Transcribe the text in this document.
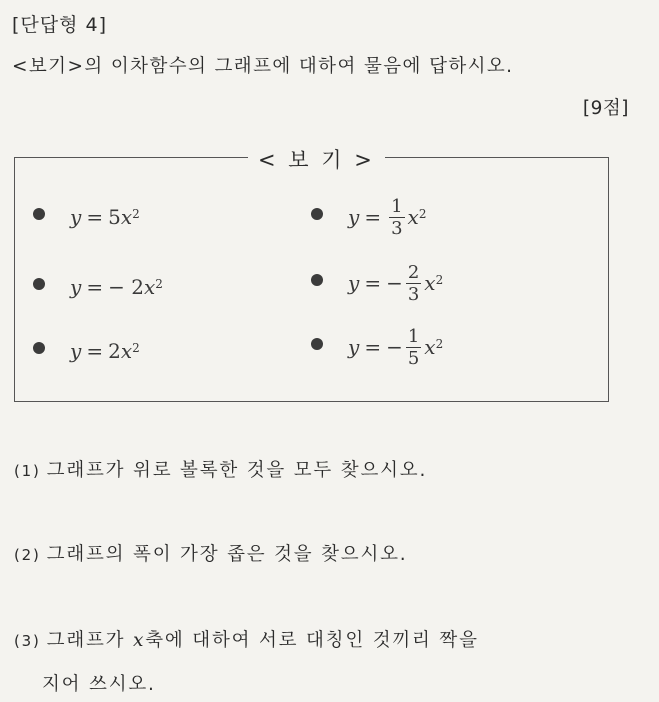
[단답형 4]
<보기>의 이차함수의 그래프에 대하여 물음에 답하시오.
[9점]
< 보 기 >
y = 5 $x^2$
y = −
2 $x^2$
y = 2 $x^2$
$y = \frac{1}{3} x^2$
y = − $\frac{2}{3} x^2$
y = − $\frac{1}{5} x^2$
(1) 그래프가 위로 볼록한 것을 모두 찾으시오.
(2) 그래프의 폭이 가장 좁은 것을 찾으시오.
(3) 그래프가 x축에 대하여 서로 대칭인 것끼리 짝을
지어 쓰시오.
